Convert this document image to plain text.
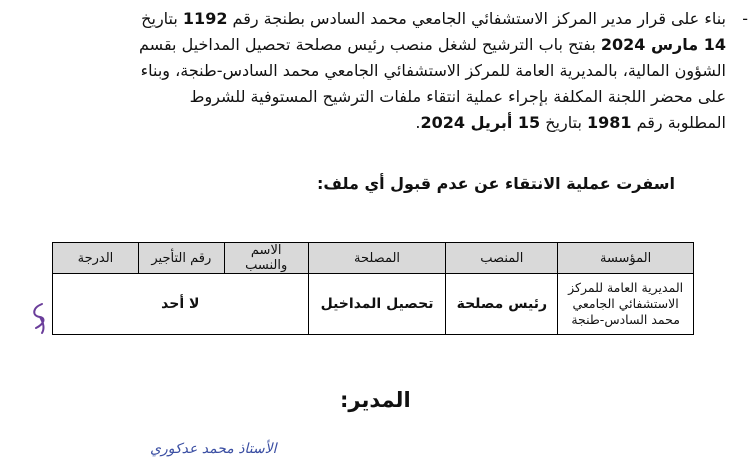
-
بناء على قرار مدير المركز الاستشفائي الجامعي محمد السادس بطنجة رقم 1192 بتاريخ
14 مارس 2024 بفتح باب الترشيح لشغل منصب رئيس مصلحة تحصيل المداخيل بقسم
الشؤون المالية، بالمديرية العامة للمركز الاستشفائي الجامعي محمد السادس-طنجة، وبناء
على محضر اللجنة المكلفة بإجراء عملية انتقاء ملفات الترشيح المستوفية للشروط
المطلوبة رقم 1981 بتاريخ 15 أبريل 2024.
اسفرت عملية الانتقاء عن عدم قبول أي ملف:
المؤسسة	المنصب	المصلحة	الاسم والنسب	رقم التأجير	الدرجة

المديرية العامة للمركز
الاستشفائي الجامعي
محمد السادس-طنجة	رئيس مصلحة	تحصيل المداخيل	لا أحد		
المدير:
الأستاذ محمد عدكوري
